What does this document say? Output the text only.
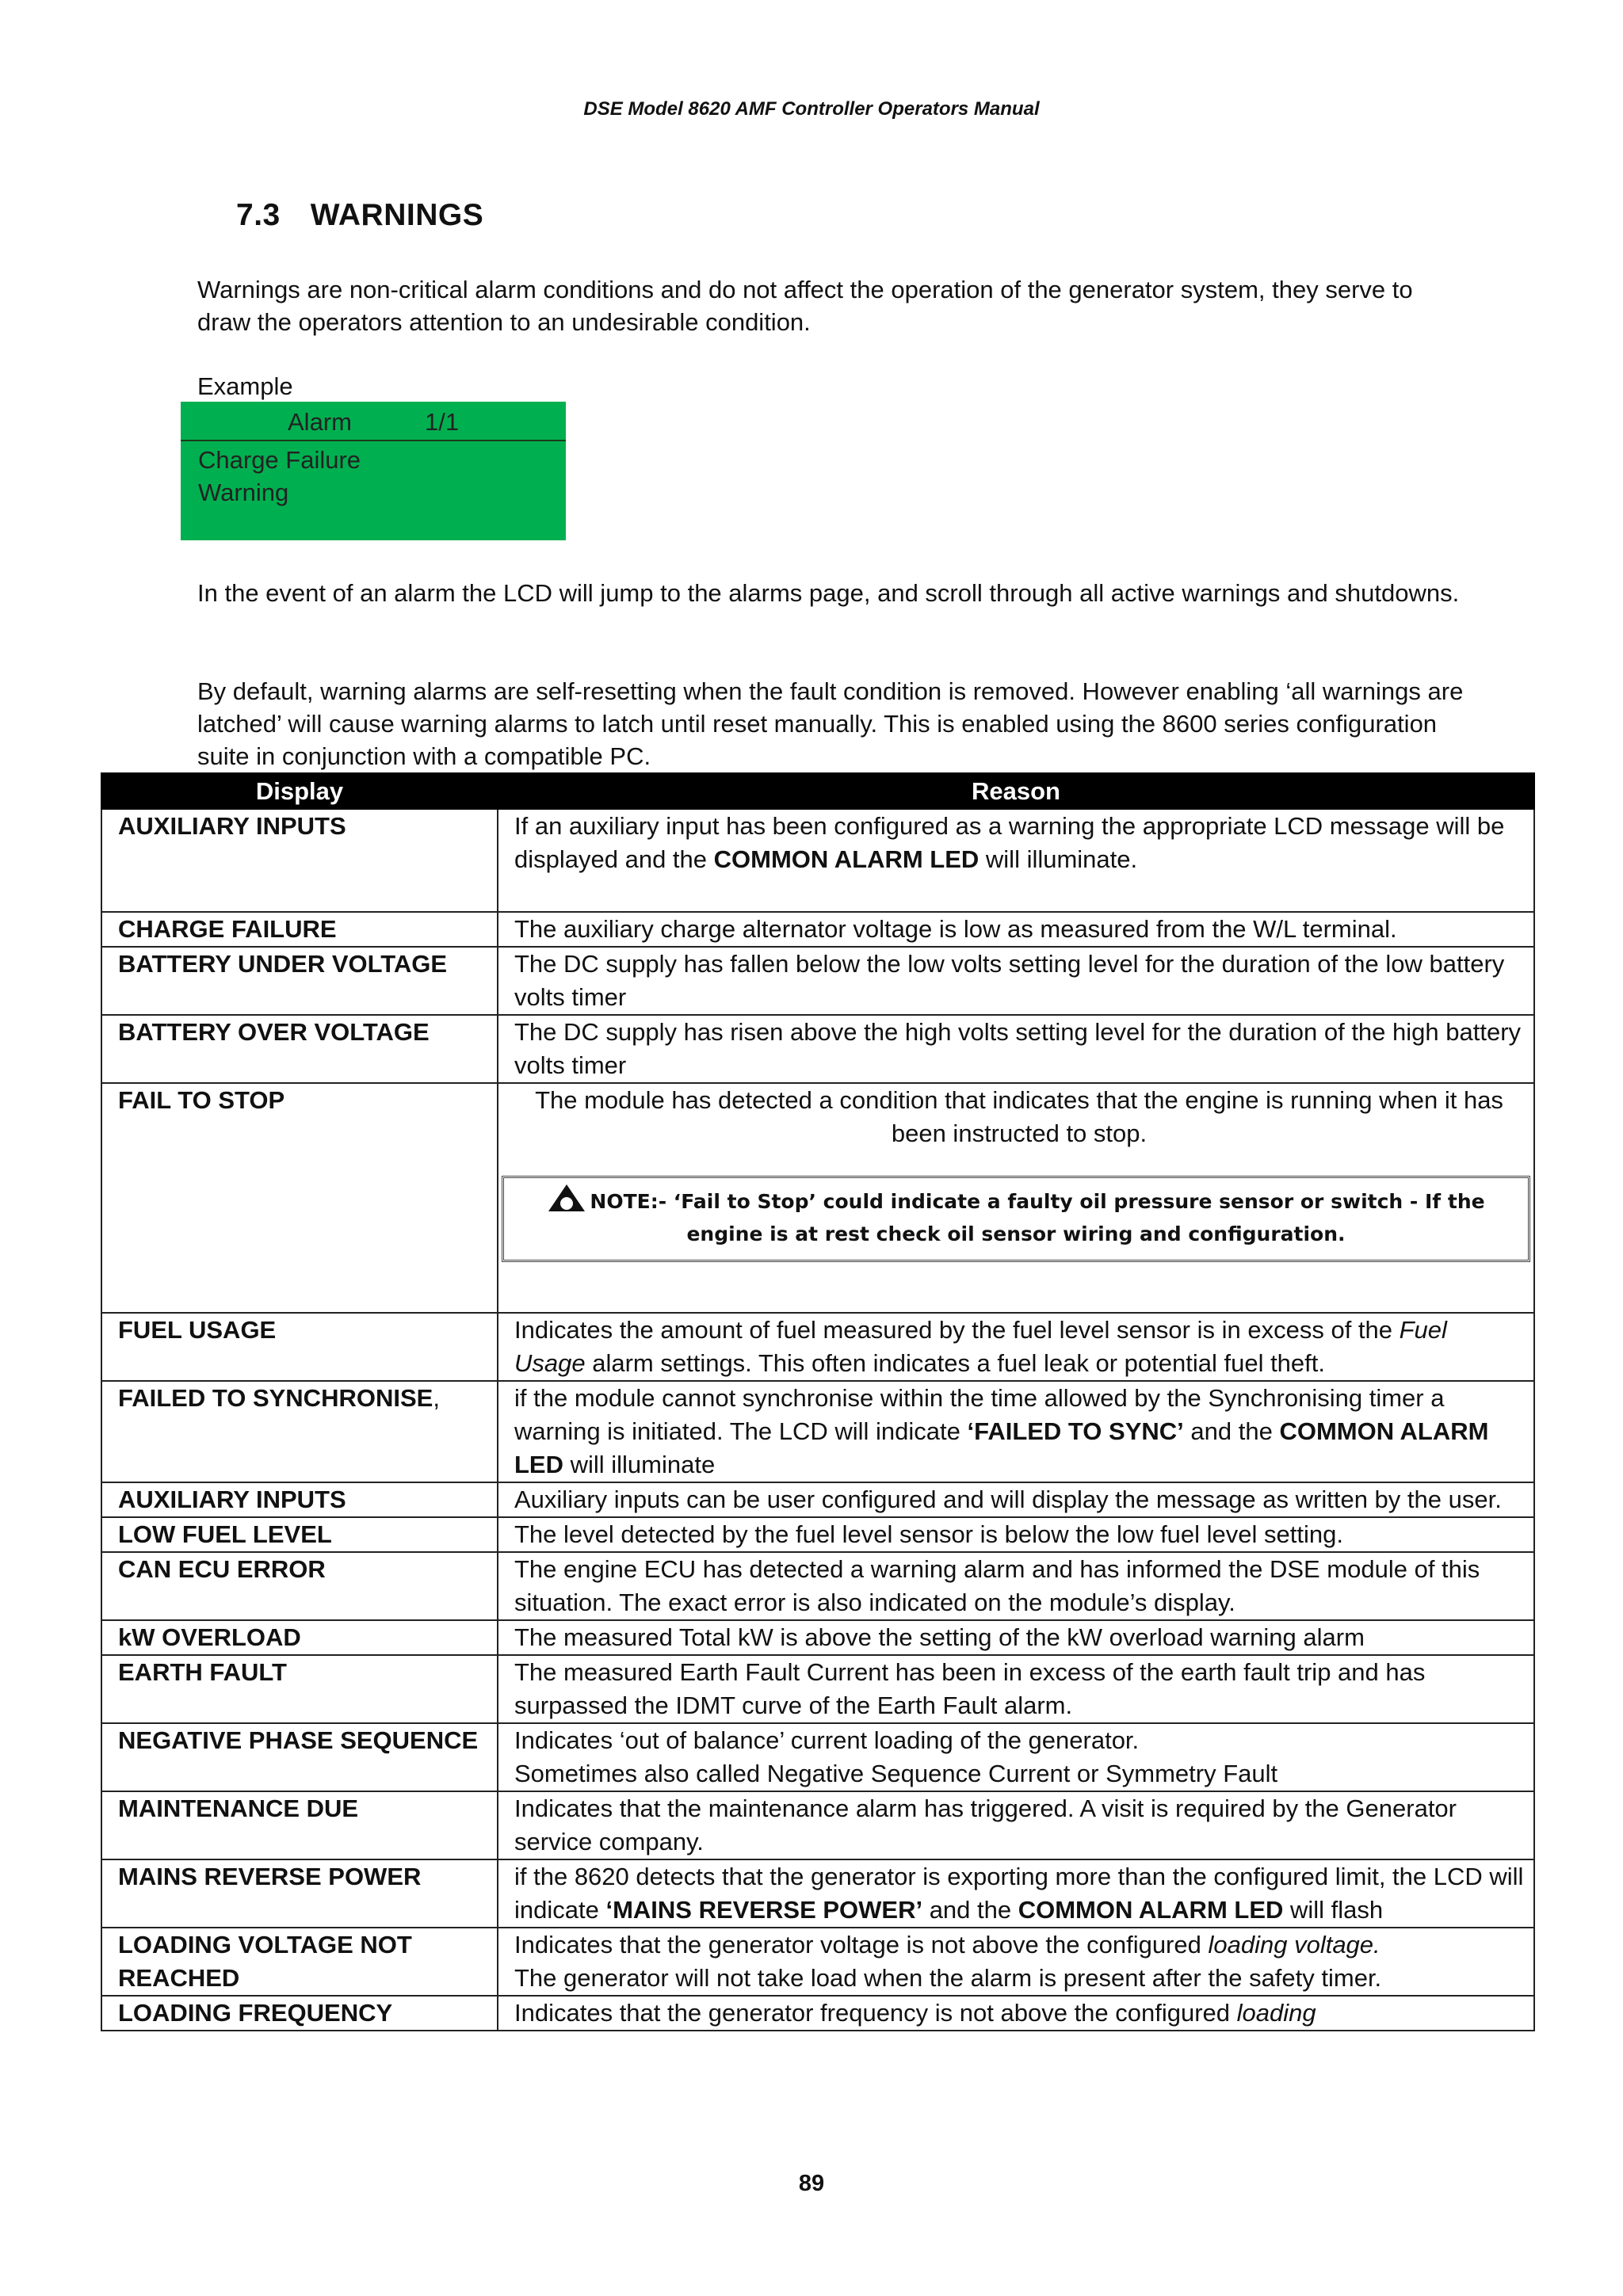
DSE Model 8620 AMF Controller Operators Manual
7.3 WARNINGS
Warnings are non-critical alarm conditions and do not affect the operation of the generator system, they serve to draw the operators attention to an undesirable condition.
Example
Alarm	1/1
Charge Failure
Warning
In the event of an alarm the LCD will jump to the alarms page, and scroll through all active warnings and shutdowns.
By default, warning alarms are self-resetting when the fault condition is removed. However enabling ‘all warnings are latched’ will cause warning alarms to latch until reset manually. This is enabled using the 8600 series configuration suite in conjunction with a compatible PC.
Display	Reason
AUXILIARY INPUTS	If an auxiliary input has been configured as a warning the appropriate LCD message will be displayed and the COMMON ALARM LED will illuminate.
CHARGE FAILURE	The auxiliary charge alternator voltage is low as measured from the W/L terminal.
BATTERY UNDER VOLTAGE	The DC supply has fallen below the low volts setting level for the duration of the low battery volts timer
BATTERY OVER VOLTAGE	The DC supply has risen above the high volts setting level for the duration of the high battery volts timer
FAIL TO STOP	The module has detected a condition that indicates that the engine is running when it has been instructed to stop.
NOTE:- ‘Fail to Stop’ could indicate a faulty oil pressure sensor or switch - If the engine is at rest check oil sensor wiring and configuration.

FUEL USAGE	Indicates the amount of fuel measured by the fuel level sensor is in excess of the Fuel Usage alarm settings. This often indicates a fuel leak or potential fuel theft.
FAILED TO SYNCHRONISE,	if the module cannot synchronise within the time allowed by the Synchronising timer a warning is initiated. The LCD will indicate ‘FAILED TO SYNC’ and the COMMON ALARM LED will illuminate
AUXILIARY INPUTS	Auxiliary inputs can be user configured and will display the message as written by the user.
LOW FUEL LEVEL	The level detected by the fuel level sensor is below the low fuel level setting.
CAN ECU ERROR	The engine ECU has detected a warning alarm and has informed the DSE module of this situation. The exact error is also indicated on the module’s display.
kW OVERLOAD	The measured Total kW is above the setting of the kW overload warning alarm
EARTH FAULT	The measured Earth Fault Current has been in excess of the earth fault trip and has surpassed the IDMT curve of the Earth Fault alarm.
NEGATIVE PHASE SEQUENCE	Indicates ‘out of balance’ current loading of the generator.
Sometimes also called Negative Sequence Current or Symmetry Fault

MAINTENANCE DUE	Indicates that the maintenance alarm has triggered. A visit is required by the Generator service company.
MAINS REVERSE POWER	if the 8620 detects that the generator is exporting more than the configured limit, the LCD will indicate ‘MAINS REVERSE POWER’ and the COMMON ALARM LED will flash
LOADING VOLTAGE NOT REACHED	Indicates that the generator voltage is not above the configured loading voltage.
The generator will not take load when the alarm is present after the safety timer.
LOADING FREQUENCY	Indicates that the generator frequency is not above the configured loading
89
